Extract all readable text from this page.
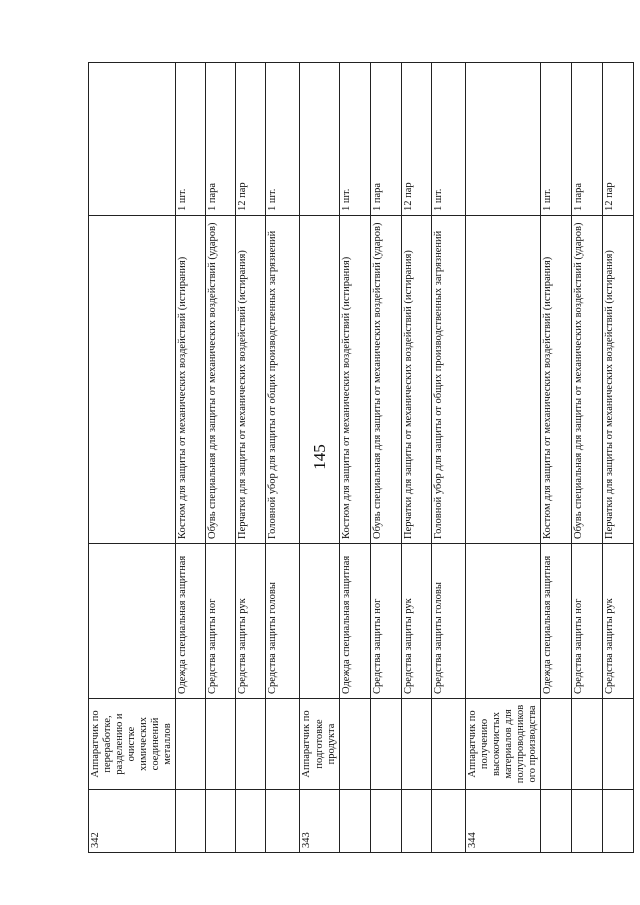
145
342	Аппаратчик по переработке, разделению и очистке химических соединений металлов			
		Одежда специальная защитная	Костюм для защиты от механических воздействий (истирания)	1 шт.
		Средства защиты ног	Обувь специальная для защиты от механических воздействий (ударов)	1 пара
		Средства защиты рук	Перчатки для защиты от механических воздействий (истирания)	12 пар
		Средства защиты головы	Головной убор для защиты от общих производственных загрязнений	1 шт.
343	Аппаратчик по подготовке продукта			
		Одежда специальная защитная	Костюм для защиты от механических воздействий (истирания)	1 шт.
		Средства защиты ног	Обувь специальная для защиты от механических воздействий (ударов)	1 пара
		Средства защиты рук	Перчатки для защиты от механических воздействий (истирания)	12 пар
		Средства защиты головы	Головной убор для защиты от общих производственных загрязнений	1 шт.
344	Аппаратчик по получению высокочистых материалов для полупроводникового производства			
		Одежда специальная защитная	Костюм для защиты от механических воздействий (истирания)	1 шт.
		Средства защиты ног	Обувь специальная для защиты от механических воздействий (ударов)	1 пара
		Средства защиты рук	Перчатки для защиты от механических воздействий (истирания)	12 пар
